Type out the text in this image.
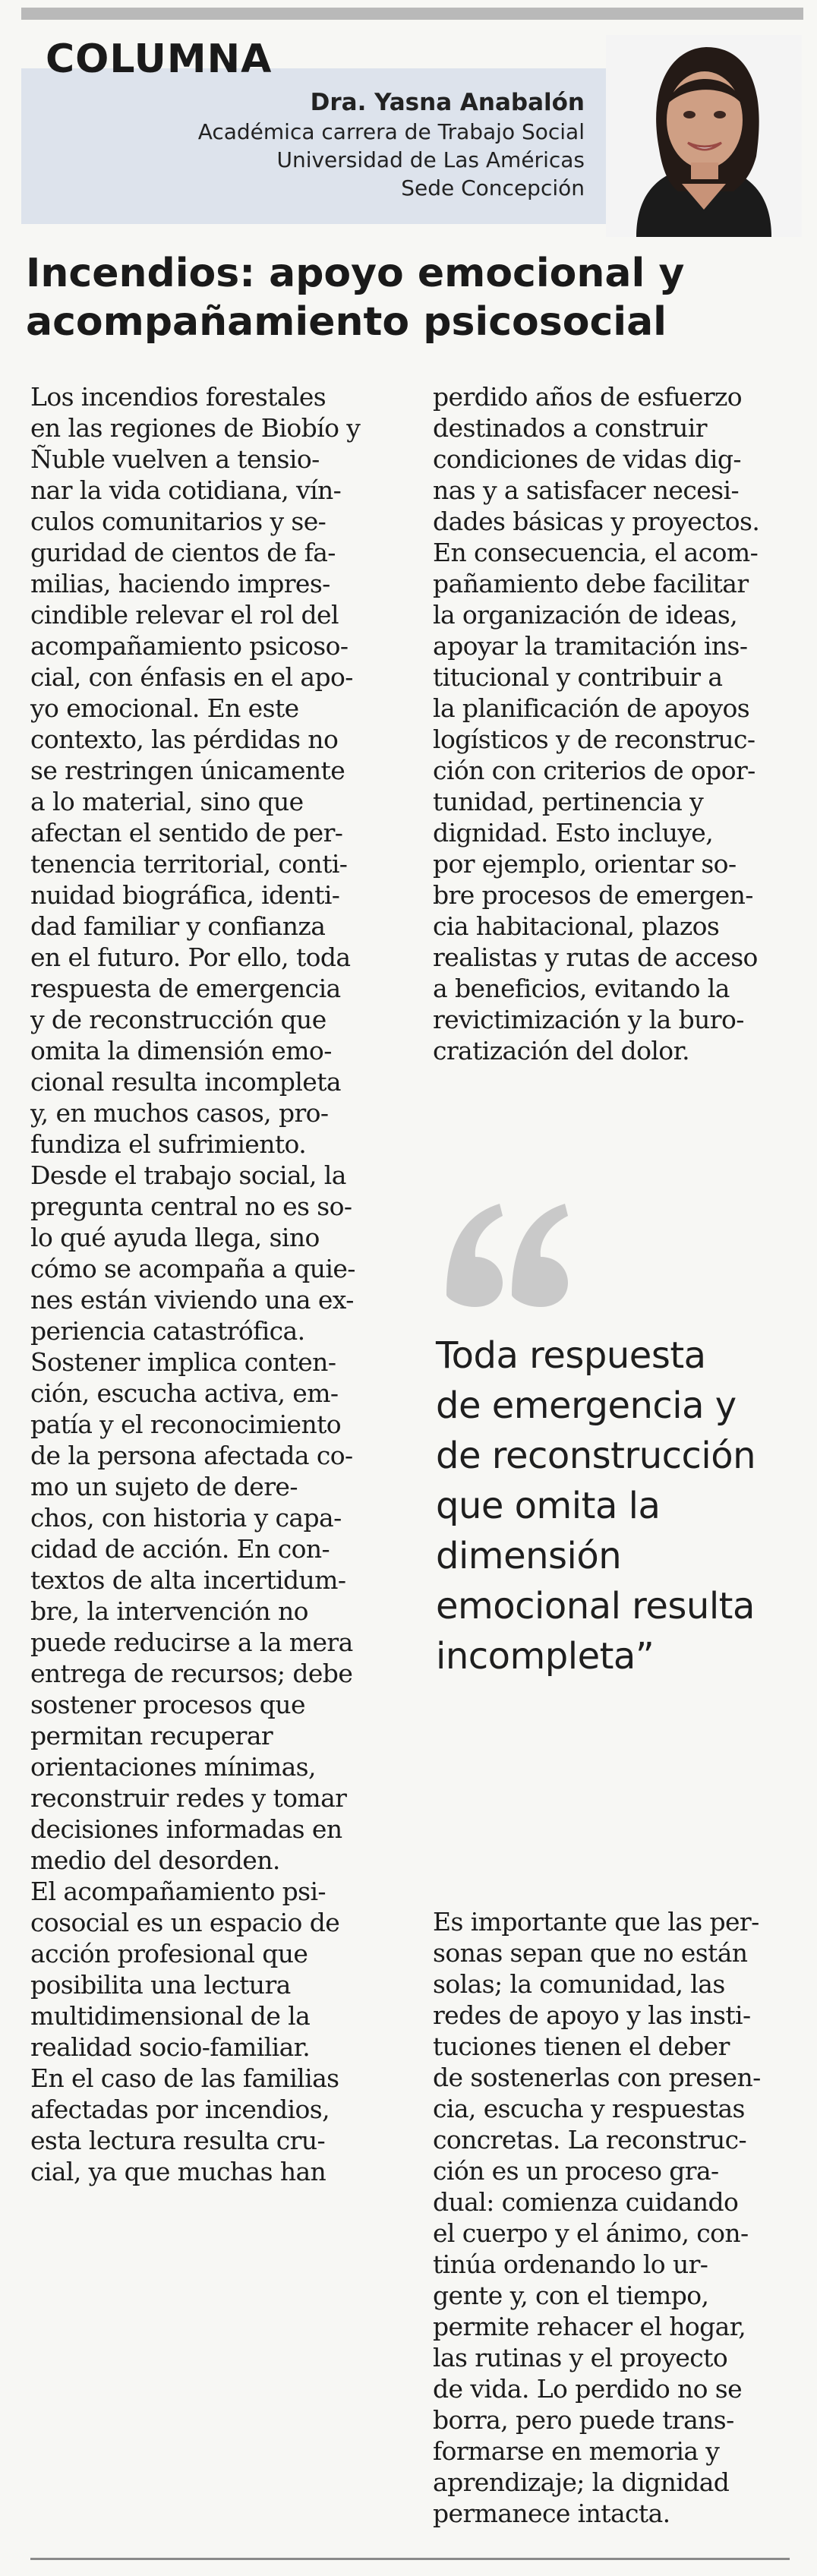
COLUMNA
Dra. Yasna Anabalón
Académica carrera de Trabajo Social
Universidad de Las Américas
Sede Concepción
Incendios: apoyo emocional y
acompañamiento psicosocial

Los incendios forestales

en las regiones de Biobío y

Ñuble vuelven a tensio-

nar la vida cotidiana, vín-

culos comunitarios y se-

guridad de cientos de fa-

milias, haciendo impres-

cindible relevar el rol del

acompañamiento psicoso-

cial, con énfasis en el apo-

yo emocional. En este

contexto, las pérdidas no

se restringen únicamente

a lo material, sino que

afectan el sentido de per-

tenencia territorial, conti-

nuidad biográfica, identi-

dad familiar y confianza

en el futuro. Por ello, toda

respuesta de emergencia

y de reconstrucción que

omita la dimensión emo-

cional resulta incompleta

y, en muchos casos, pro-

fundiza el sufrimiento.

Desde el trabajo social, la

pregunta central no es so-

lo qué ayuda llega, sino

cómo se acompaña a quie-

nes están viviendo una ex-

periencia catastrófica.

Sostener implica conten-

ción, escucha activa, em-

patía y el reconocimiento

de la persona afectada co-

mo un sujeto de dere-

chos, con historia y capa-

cidad de acción. En con-

textos de alta incertidum-

bre, la intervención no

puede reducirse a la mera

entrega de recursos; debe

sostener procesos que

permitan recuperar

orientaciones mínimas,

reconstruir redes y tomar

decisiones informadas en

medio del desorden.

El acompañamiento psi-

cosocial es un espacio de

acción profesional que

posibilita una lectura

multidimensional de la

realidad socio-familiar.

En el caso de las familias

afectadas por incendios,

esta lectura resulta cru-

cial, ya que muchas han

perdido años de esfuerzo

destinados a construir

condiciones de vidas dig-

nas y a satisfacer necesi-

dades básicas y proyectos.

En consecuencia, el acom-

pañamiento debe facilitar

la organización de ideas,

apoyar la tramitación ins-

titucional y contribuir a

la planificación de apoyos

logísticos y de reconstruc-

ción con criterios de opor-

tunidad, pertinencia y

dignidad. Esto incluye,

por ejemplo, orientar so-

bre procesos de emergen-

cia habitacional, plazos

realistas y rutas de acceso

a beneficios, evitando la

revictimización y la buro-

cratización del dolor.

Toda respuesta
de emergencia y
de reconstrucción
que omita la
dimensión
emocional resulta
incompleta”

Es importante que las per-

sonas sepan que no están

solas; la comunidad, las

redes de apoyo y las insti-

tuciones tienen el deber

de sostenerlas con presen-

cia, escucha y respuestas

concretas. La reconstruc-

ción es un proceso gra-

dual: comienza cuidando

el cuerpo y el ánimo, con-

tinúa ordenando lo ur-

gente y, con el tiempo,

permite rehacer el hogar,

las rutinas y el proyecto

de vida. Lo perdido no se

borra, pero puede trans-

formarse en memoria y

aprendizaje; la dignidad

permanece intacta.
